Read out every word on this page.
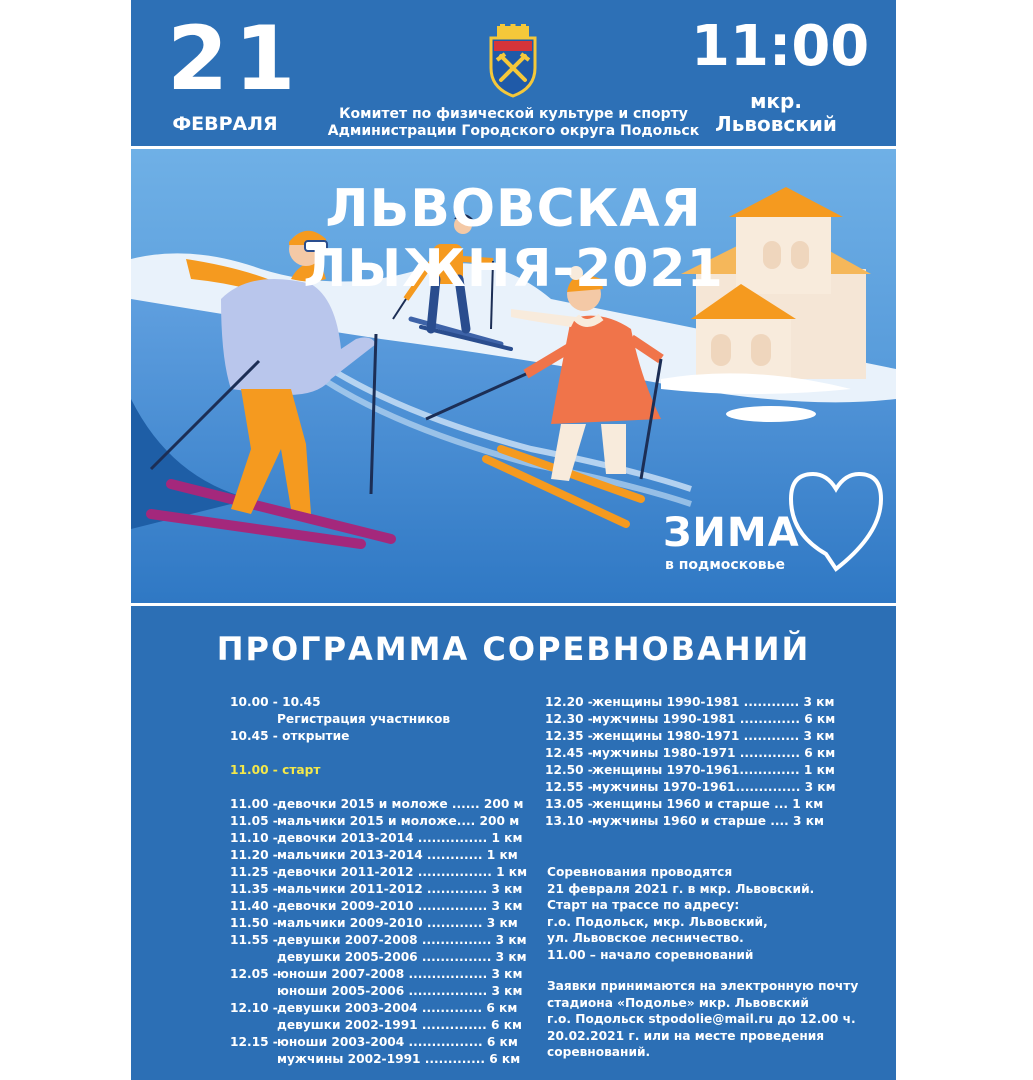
21
ФЕВРАЛЯ	Комитет по физической культуре и спорту
Администрации Городского округа Подольск
11:00
мкр.
Львовский
ЛЬВОВСКАЯ ЛЫЖНЯ-2021
ЗИМА
в подмосковье
ПРОГРАММА СОРЕВНОВАНИЙ
10.00 - 10.45
Регистрация участников
10.45 - открытие
11.00 - старт
11.00 -девочки 2015 и моложе ...... 200 м
11.05 -мальчики 2015 и моложе.... 200 м
11.10 -девочки 2013-2014 ............... 1 км
11.20 -мальчики 2013-2014 ............ 1 км
11.25 -девочки 2011-2012 ................ 1 км
11.35 -мальчики 2011-2012 ............. 3 км
11.40 -девочки 2009-2010 ............... 3 км
11.50 -мальчики 2009-2010 ............ 3 км
11.55 -девушки 2007-2008 ............... 3 км
девушки 2005-2006 ............... 3 км
12.05 -юноши 2007-2008 ................. 3 км
юноши 2005-2006 ................. 3 км
12.10 -девушки 2003-2004 ............. 6 км
девушки 2002-1991 .............. 6 км
12.15 -юноши 2003-2004 ................ 6 км
мужчины 2002-1991 ............. 6 км
12.20 -женщины 1990-1981 ............ 3 км
12.30 -мужчины 1990-1981 ............. 6 км
12.35 -женщины 1980-1971 ............ 3 км
12.45 -мужчины 1980-1971 ............. 6 км
12.50 -женщины 1970-1961............. 1 км
12.55 -мужчины 1970-1961.............. 3 км
13.05 -женщины 1960 и старше ... 1 км
13.10 -мужчины 1960 и старше .... 3 км
Соревнования проводятся
21 февраля 2021 г. в мкр. Львовский.
Старт на трассе по адресу:
г.о. Подольск, мкр. Львовский,
ул. Львовское лесничество.
11.00 – начало соревнований
Заявки принимаются на электронную почту
стадиона «Подолье» мкр. Львовский
г.о. Подольск stpodolie@mail.ru до 12.00 ч.
20.02.2021 г. или на месте проведения
соревнований.
